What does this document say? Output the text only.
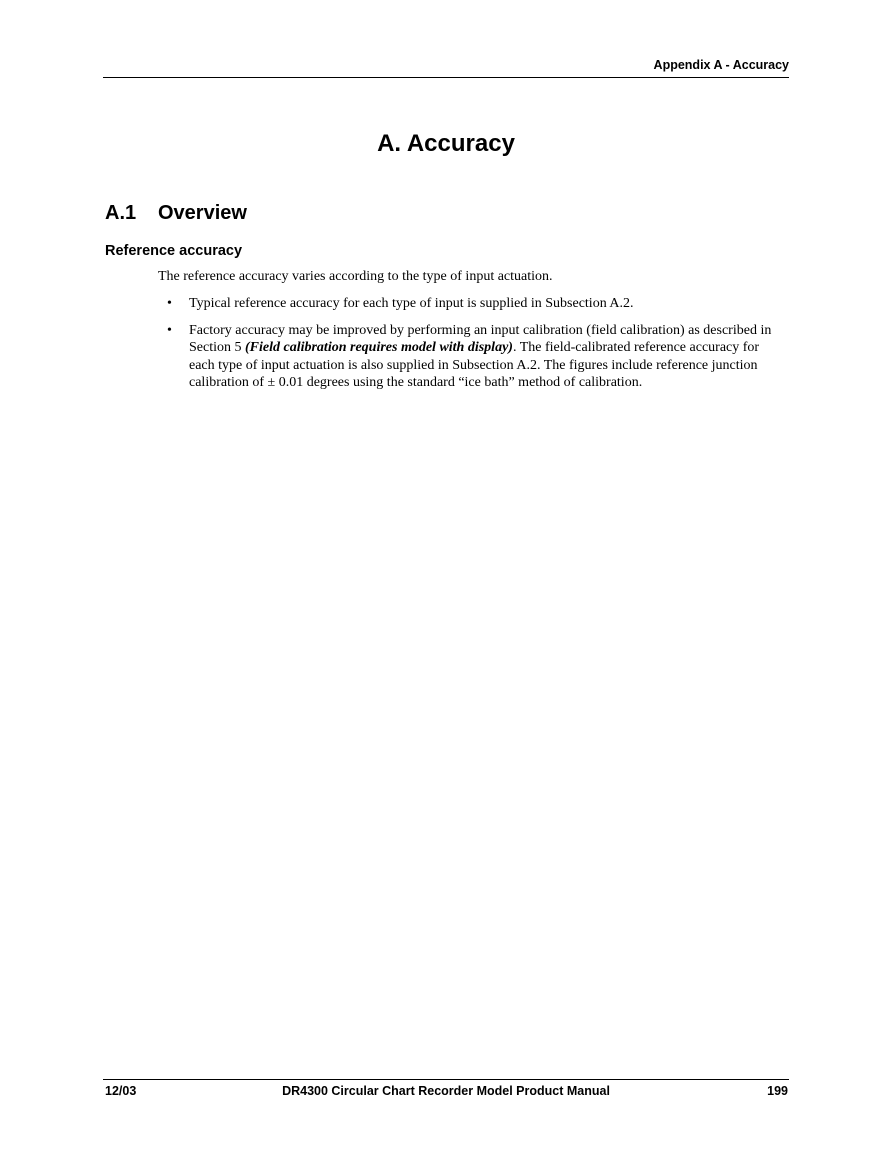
Appendix A - Accuracy
A. Accuracy
A.1 Overview
Reference accuracy
The reference accuracy varies according to the type of input actuation.
• Typical reference accuracy for each type of input is supplied in Subsection A.2.
• Factory accuracy may be improved by performing an input calibration (field calibration) as described in Section 5 (Field calibration requires model with display). The field-calibrated reference accuracy for each type of input actuation is also supplied in Subsection A.2. The figures include reference junction calibration of ± 0.01 degrees using the standard “ice bath” method of calibration.
12/03	DR4300 Circular Chart Recorder Model Product Manual	199
